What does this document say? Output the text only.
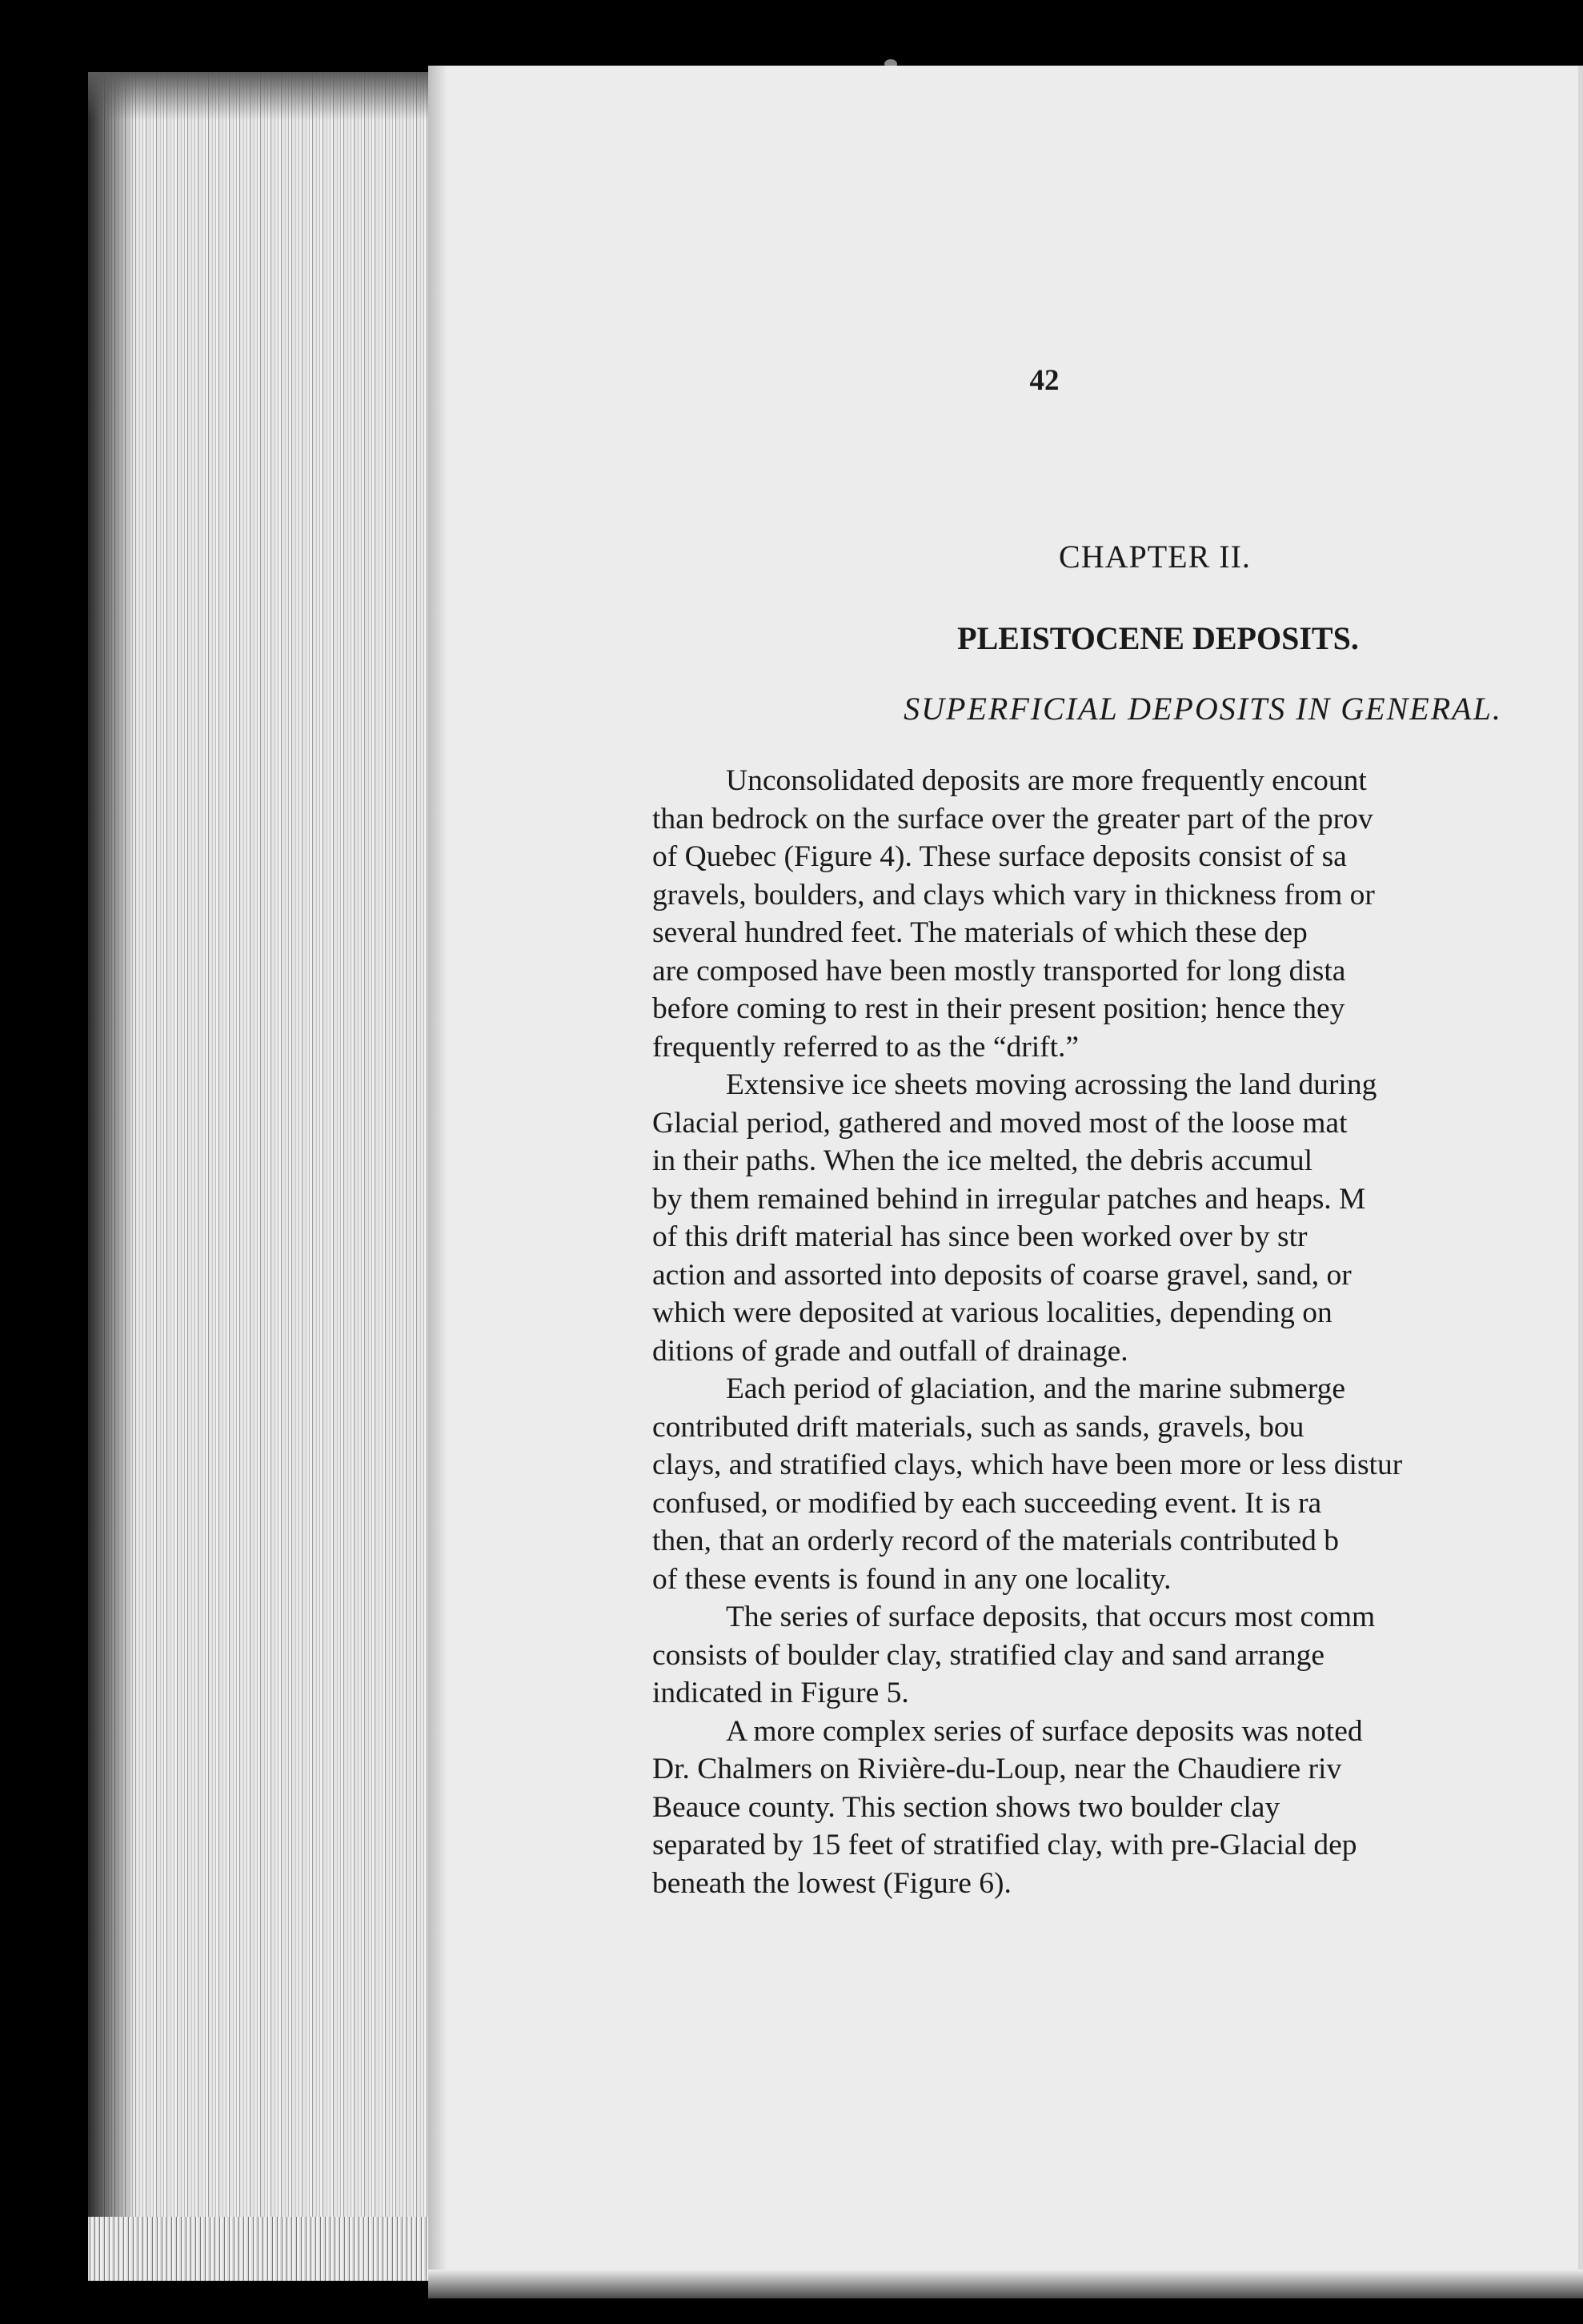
42
CHAPTER II.
PLEISTOCENE DEPOSITS.
SUPERFICIAL DEPOSITS IN GENERAL.
Unconsolidated deposits are more frequently encount
than bedrock on the surface over the greater part of the prov
of Quebec (Figure 4). These surface deposits consist of sa
gravels, boulders, and clays which vary in thickness from or
several hundred feet. The materials of which these dep
are composed have been mostly transported for long dista
before coming to rest in their present position; hence they
frequently referred to as the “drift.”
Extensive ice sheets moving acrossing the land during
Glacial period, gathered and moved most of the loose mat
in their paths. When the ice melted, the debris accumul
by them remained behind in irregular patches and heaps. M
of this drift material has since been worked over by str
action and assorted into deposits of coarse gravel, sand, or
which were deposited at various localities, depending on
ditions of grade and outfall of drainage.
Each period of glaciation, and the marine submerge
contributed drift materials, such as sands, gravels, bou
clays, and stratified clays, which have been more or less distur
confused, or modified by each succeeding event. It is ra
then, that an orderly record of the materials contributed b
of these events is found in any one locality.
The series of surface deposits, that occurs most comm
consists of boulder clay, stratified clay and sand arrange
indicated in Figure 5.
A more complex series of surface deposits was noted
Dr. Chalmers on Rivière-du-Loup, near the Chaudiere riv
Beauce county. This section shows two boulder clay
separated by 15 feet of stratified clay, with pre-Glacial dep
beneath the lowest (Figure 6).
